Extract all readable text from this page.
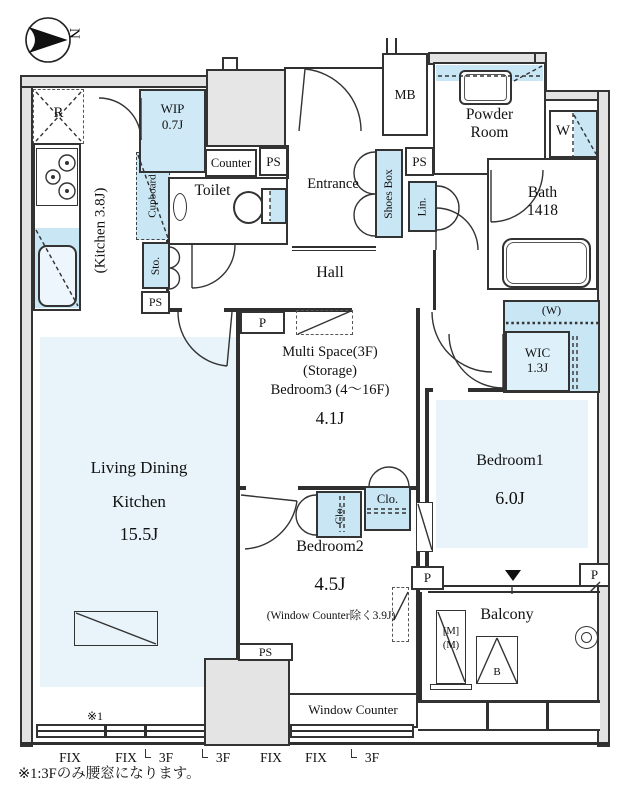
N
MB
Counter PS
Shoes Box
PS
Lin.
Sto.
PS
P
Clo.
Clo.
PS
P	P
WIP
0.7J
R
(Kitchen 3.8J)	Cupboard	Toilet	Entrance
Powder
Room	W
Bath
1418
Hall
(W)
WIC
1.3J
Multi Space(3F)
(Storage)
Bedroom3 (4〜16F)
4.1J
Living Dining
Kitchen
15.5J
Bedroom1
6.0J
Bedroom2
4.5J
(Window Counter除く3.9J)
Window Counter
Balcony
[M]
(M)
B
※1
FIX	FIX	3F	3F	FIX	FIX	3F
※1:3Fのみ腰窓になります。
